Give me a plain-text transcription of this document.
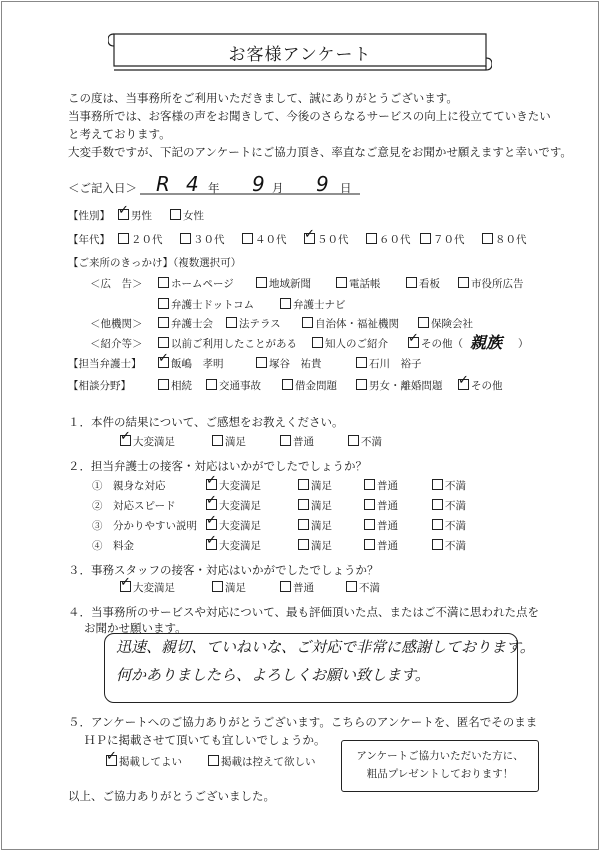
お客様アンケート
この度は、当事務所をご利用いただきまして、誠にありがとうございます。
当事務所では、お客様の声をお聞きして、今後のさらなるサービスの向上に役立てていきたい
と考えております。
大変手数ですが、下記のアンケートにご協力頂き、率直なご意見をお聞かせ願えますと幸いです。
＜ご記入日＞ R 4 年 9 月 9 日
【性別】 ✓	男性	女性
【年代】	２０代	３０代	４０代 ✓	５０代	６０代	７０代	８０代
【ご来所のきっかけ】（複数選択可）
＜広　告＞	ホームページ	地域新聞	電話帳	看板	市役所広告
弁護士ドットコム	弁護士ナビ
＜他機関＞	弁護士会	法テラス	自治体・福祉機関	保険会社
＜紹介等＞	以前ご利用したことがある	知人のご紹介 ✓	その他（ 親族 ）
【担当弁護士】 ✓	飯嶋　孝明	塚谷　祐貴	石川　裕子
【相談分野】	相続	交通事故	借金問題	男女・離婚問題 ✓	その他
１．本件の結果について、ご感想をお教えください。
✓大変満足	満足	普通	不満
２．担当弁護士の接客・対応はいかがでしたでしょうか？
①　親身な対応 ✓	大変満足	満足	普通	不満
②　対応スピード ✓	大変満足	満足	普通	不満
③　分かりやすい説明 ✓	大変満足	満足	普通	不満
④　料金 ✓	大変満足	満足	普通	不満
３．事務スタッフの接客・対応はいかがでしたでしょうか？
✓大変満足	満足	普通	不満
４．当事務所のサービスや対応について、最も評価頂いた点、またはご不満に思われた点を
お聞かせ願います。
迅速、親切、ていねいな、ご対応で非常に感謝しております。
何かありましたら、よろしくお願い致します。
５．アンケートへのご協力ありがとうございます。こちらのアンケートを、匿名でそのまま
ＨＰに掲載させて頂いても宜しいでしょうか。
✓掲載してよい	掲載は控えて欲しい	アンケートご協力いただいた方に、
粗品プレゼントしております！
以上、ご協力ありがとうございました。
